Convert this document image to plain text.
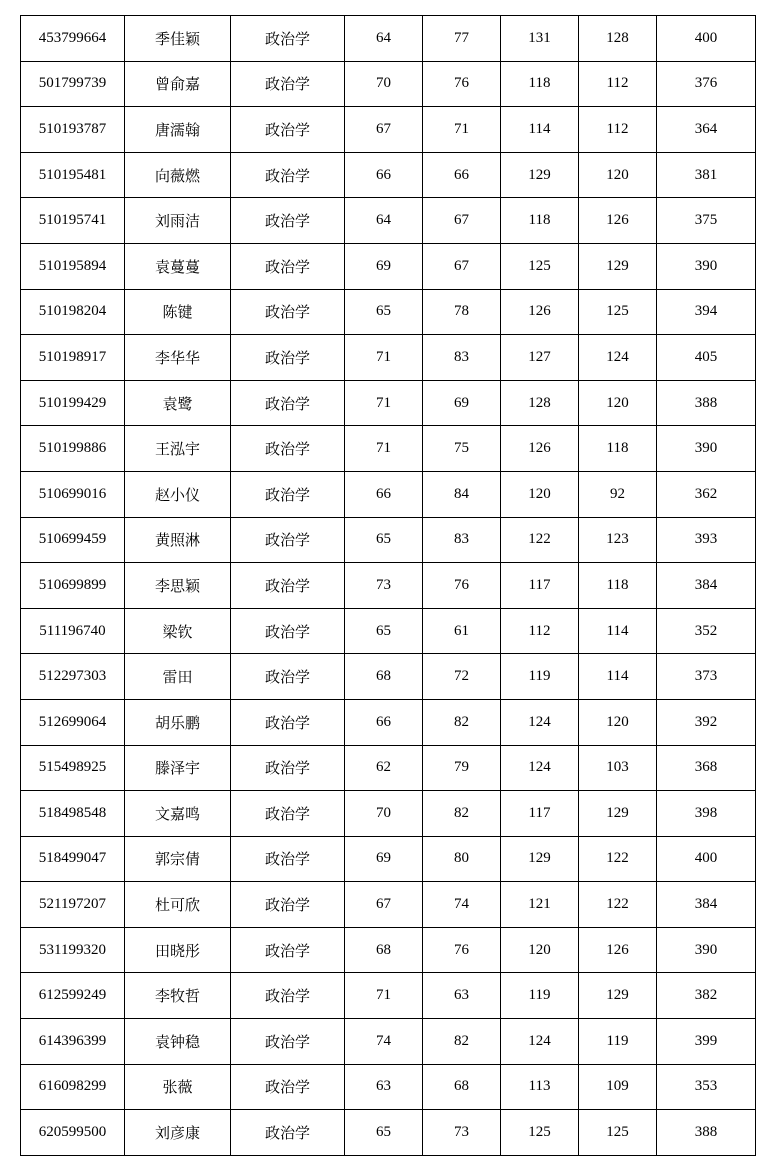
453799664	季佳颖	政治学	64	77	131	128	400
501799739	曾俞嘉	政治学	70	76	118	112	376
510193787	唐濡翰	政治学	67	71	114	112	364
510195481	向薇燃	政治学	66	66	129	120	381
510195741	刘雨洁	政治学	64	67	118	126	375
510195894	袁蔓蔓	政治学	69	67	125	129	390
510198204	陈键	政治学	65	78	126	125	394
510198917	李华华	政治学	71	83	127	124	405
510199429	袁鹭	政治学	71	69	128	120	388
510199886	王泓宇	政治学	71	75	126	118	390
510699016	赵小仪	政治学	66	84	120	92	362
510699459	黄照淋	政治学	65	83	122	123	393
510699899	李思颖	政治学	73	76	117	118	384
511196740	梁钦	政治学	65	61	112	114	352
512297303	雷田	政治学	68	72	119	114	373
512699064	胡乐鹏	政治学	66	82	124	120	392
515498925	滕泽宇	政治学	62	79	124	103	368
518498548	文嘉鸣	政治学	70	82	117	129	398
518499047	郭宗倩	政治学	69	80	129	122	400
521197207	杜可欣	政治学	67	74	121	122	384
531199320	田晓彤	政治学	68	76	120	126	390
612599249	李牧哲	政治学	71	63	119	129	382
614396399	袁钟稳	政治学	74	82	124	119	399
616098299	张薇	政治学	63	68	113	109	353
620599500	刘彦康	政治学	65	73	125	125	388
